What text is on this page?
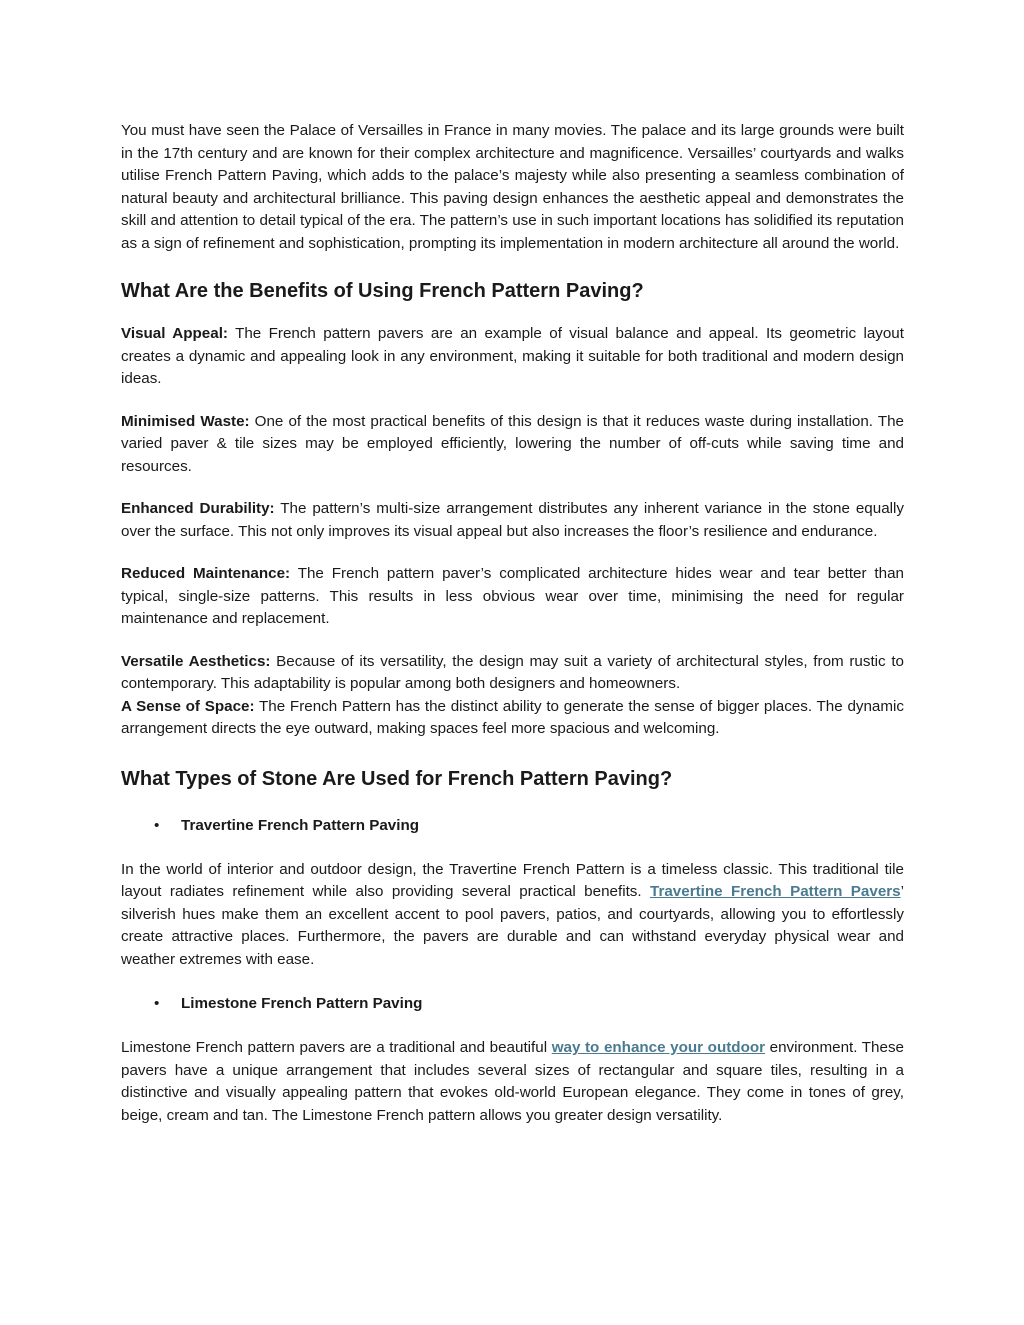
You must have seen the Palace of Versailles in France in many movies. The palace and its large grounds were built in the 17th century and are known for their complex architecture and magnificence. Versailles’ courtyards and walks utilise French Pattern Paving, which adds to the palace’s majesty while also presenting a seamless combination of natural beauty and architectural brilliance. This paving design enhances the aesthetic appeal and demonstrates the skill and attention to detail typical of the era. The pattern’s use in such important locations has solidified its reputation as a sign of refinement and sophistication, prompting its implementation in modern architecture all around the world.

What Are the Benefits of Using French Pattern Paving?

Visual Appeal: The French pattern pavers are an example of visual balance and appeal. Its geometric layout creates a dynamic and appealing look in any environment, making it suitable for both traditional and modern design ideas.

Minimised Waste: One of the most practical benefits of this design is that it reduces waste during installation. The varied paver & tile sizes may be employed efficiently, lowering the number of off-cuts while saving time and resources.

Enhanced Durability: The pattern’s multi-size arrangement distributes any inherent variance in the stone equally over the surface. This not only improves its visual appeal but also increases the floor’s resilience and endurance.

Reduced Maintenance: The French pattern paver’s complicated architecture hides wear and tear better than typical, single-size patterns. This results in less obvious wear over time, minimising the need for regular maintenance and replacement.

Versatile Aesthetics: Because of its versatility, the design may suit a variety of architectural styles, from rustic to contemporary. This adaptability is popular among both designers and homeowners.

A Sense of Space: The French Pattern has the distinct ability to generate the sense of bigger places. The dynamic arrangement directs the eye outward, making spaces feel more spacious and welcoming.

What Types of Stone Are Used for French Pattern Paving?
• Travertine French Pattern Paving

In the world of interior and outdoor design, the Travertine French Pattern is a timeless classic. This traditional tile layout radiates refinement while also providing several practical benefits. Travertine French Pattern Pavers’ silverish hues make them an excellent accent to pool pavers, patios, and courtyards, allowing you to effortlessly create attractive places. Furthermore, the pavers are durable and can withstand everyday physical wear and weather extremes with ease.

• Limestone French Pattern Paving

Limestone French pattern pavers are a traditional and beautiful way to enhance your outdoor environment. These pavers have a unique arrangement that includes several sizes of rectangular and square tiles, resulting in a distinctive and visually appealing pattern that evokes old-world European elegance. They come in tones of grey, beige, cream and tan. The Limestone French pattern allows you greater design versatility.
